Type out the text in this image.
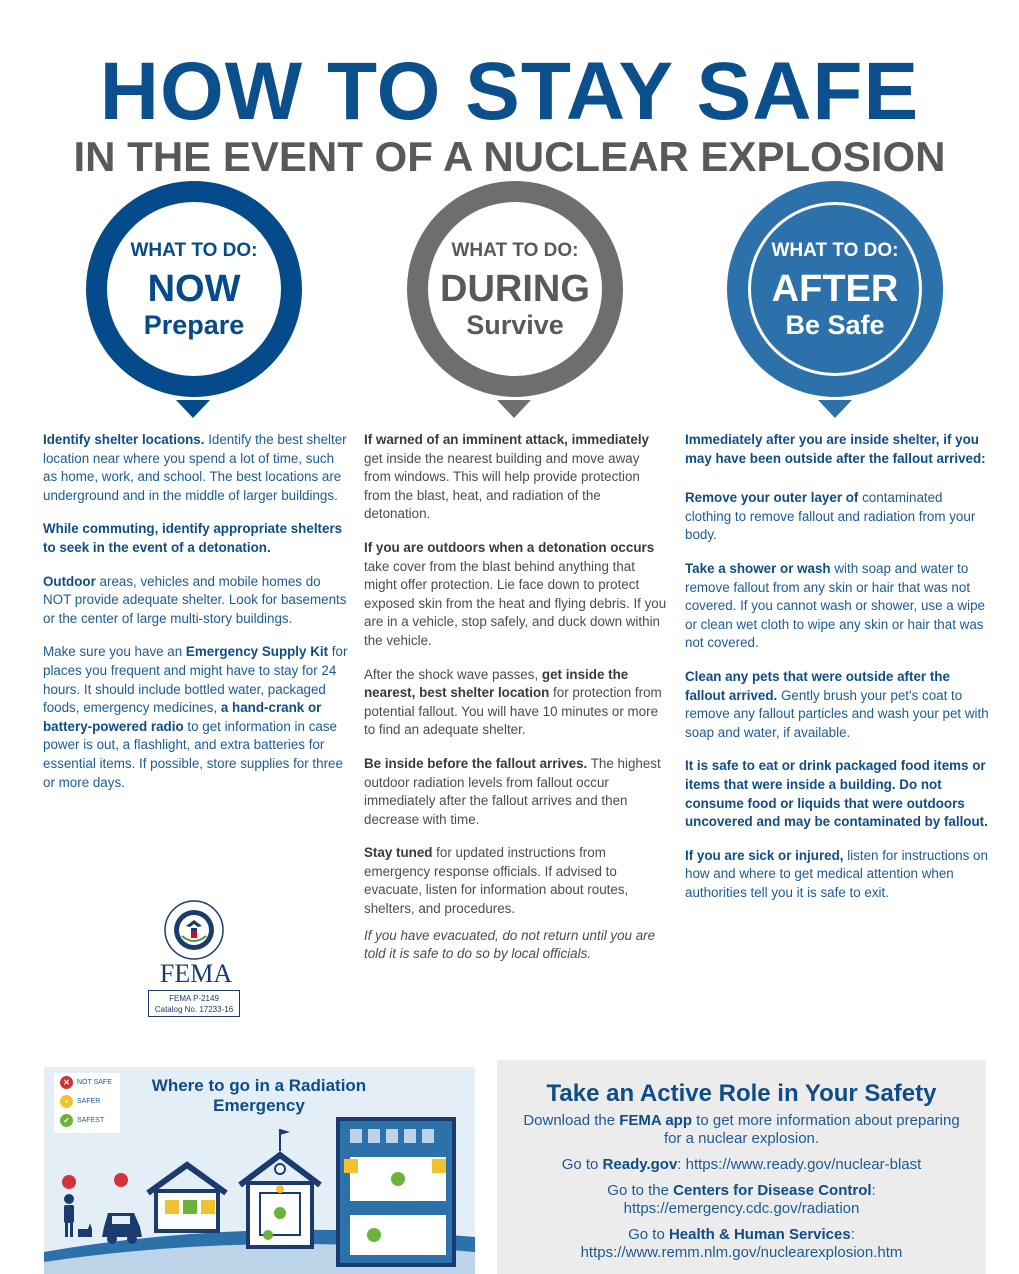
HOW TO STAY SAFE
IN THE EVENT OF A NUCLEAR EXPLOSION
WHAT TO DO:
NOW
Prepare
WHAT TO DO:
DURING
Survive
WHAT TO DO:
AFTER
Be Safe

Identify shelter locations. Identify the best shelter location near where you spend a lot of time, such as home, work, and school. The best locations are underground and in the middle of larger buildings.

While commuting, identify appropriate shelters to seek in the event of a detonation.

Outdoor areas, vehicles and mobile homes do NOT provide adequate shelter. Look for basements or the center of large multi-story buildings.

Make sure you have an Emergency Supply Kit for places you frequent and might have to stay for 24 hours. It should include bottled water, packaged foods, emergency medicines, a hand-crank or battery-powered radio to get information in case power is out, a flashlight, and extra batteries for essential items. If possible, store supplies for three or more days.

If warned of an imminent attack, immediately get inside the nearest building and move away from windows. This will help provide protection from the blast, heat, and radiation of the detonation.

If you are outdoors when a detonation occurs take cover from the blast behind anything that might offer protection. Lie face down to protect exposed skin from the heat and flying debris. If you are in a vehicle, stop safely, and duck down within the vehicle.

After the shock wave passes, get inside the nearest, best shelter location for protection from potential fallout. You will have 10 minutes or more to find an adequate shelter.

Be inside before the fallout arrives. The highest outdoor radiation levels from fallout occur immediately after the fallout arrives and then decrease with time.

Stay tuned for updated instructions from emergency response officials. If advised to evacuate, listen for information about routes, shelters, and procedures.

If you have evacuated, do not return until you are told it is safe to do so by local officials.

Immediately after you are inside shelter, if you may have been outside after the fallout arrived:

Remove your outer layer of contaminated clothing to remove fallout and radiation from your body.

Take a shower or wash with soap and water to remove fallout from any skin or hair that was not covered. If you cannot wash or shower, use a wipe or clean wet cloth to wipe any skin or hair that was not covered.

Clean any pets that were outside after the fallout arrived. Gently brush your pet's coat to remove any fallout particles and wash your pet with soap and water, if available.

It is safe to eat or drink packaged food items or items that were inside a building. Do not consume food or liquids that were outdoors uncovered and may be contaminated by fallout.

If you are sick or injured, listen for instructions on how and where to get medical attention when authorities tell you it is safe to exit.

FEMA
FEMA P-2149
Catalog No. 17233-16
✕	NOT SAFE
•	SAFER
✓	SAFEST
Where to go in a Radiation Emergency	Take an Active Role in Your Safety

Download the FEMA app to get more information about preparing for a nuclear explosion.

Go to Ready.gov: https://www.ready.gov/nuclear-blast

Go to the Centers for Disease Control:
https://emergency.cdc.gov/radiation

Go to Health & Human Services:
https://www.remm.nlm.gov/nuclearexplosion.htm
